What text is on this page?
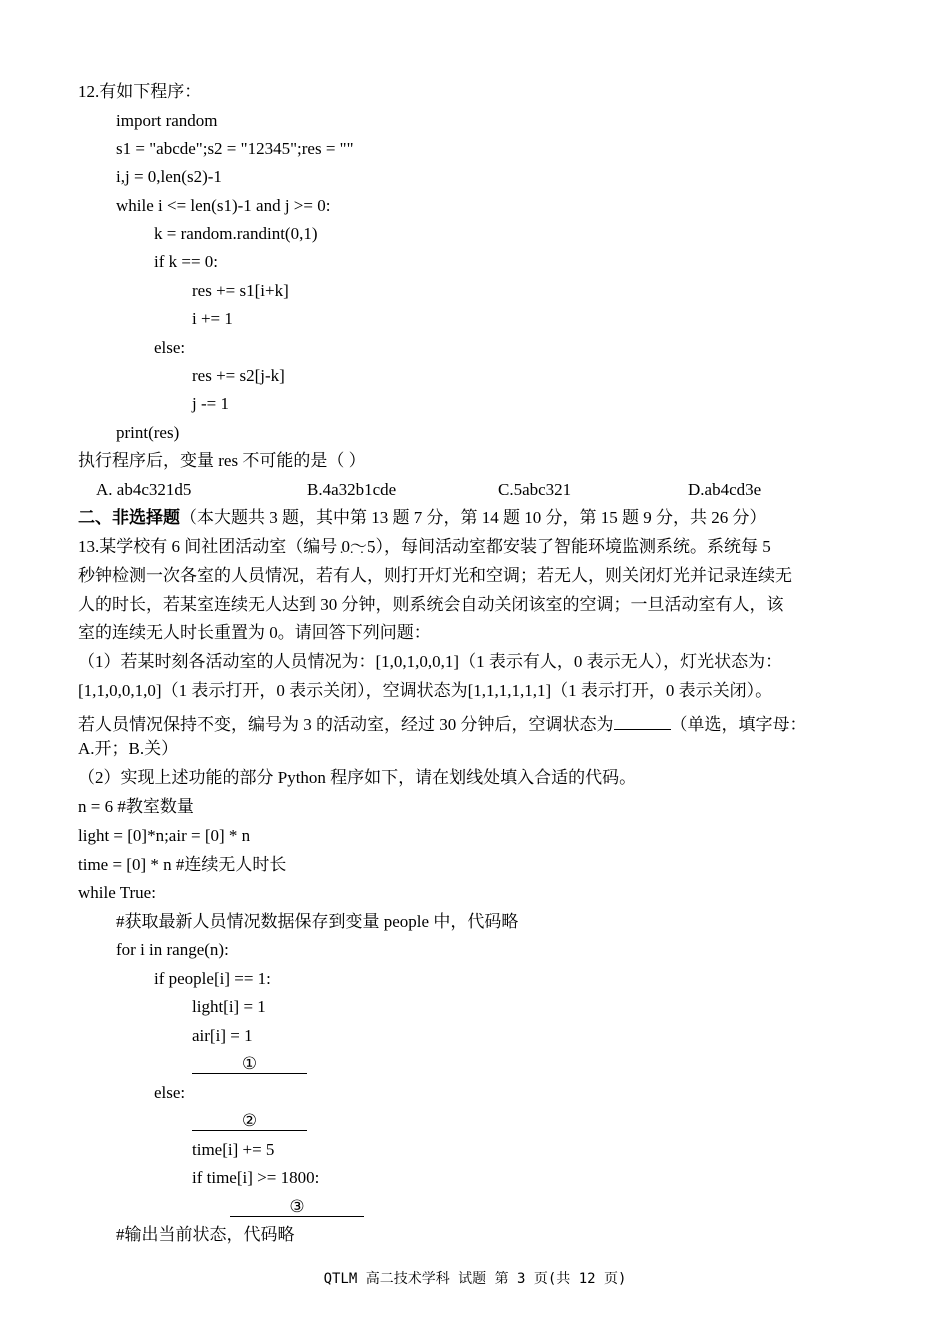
12.有如下程序：
import random
s1 = "abcde";s2 = "12345";res = ""
i,j = 0,len(s2)-1
while i <= len(s1)-1 and j >= 0:
k = random.randint(0,1)
if k == 0:
res += s1[i+k]
i += 1
else:
res += s2[j-k]
j -= 1
print(res)
执行程序后，变量 res 不可能的是（ ）
A. ab4c321d5	B.4a32b1cde	C.5abc321	D.ab4cd3e
二、非选择题（本大题共 3 题，其中第 13 题 7 分，第 14 题 10 分，第 15 题 9 分，共 26 分）
13.某学校有 6 间社团活动室（编号 0～5 · · · ·），每间活动室都安装了智能环境监测系统。系统每 5
秒钟检测一次各室的人员情况，若有人，则打开灯光和空调；若无人，则关闭灯光并记录连续无
人的时长，若某室连续无人达到 30 分钟，则系统会自动关闭该室的空调；一旦活动室有人，该
室的连续无人时长重置为 0。请回答下列问题：
（1）若某时刻各活动室的人员情况为：[1,0,1,0,0,1]（1 表示有人，0 表示无人），灯光状态为：
[1,1,0,0,1,0]（1 表示打开，0 表示关闭），空调状态为[1,1,1,1,1,1]（1 表示打开，0 表示关闭）。
若人员情况保持不变，编号为 3 的活动室，经过 30 分钟后，空调状态为	（单选，填字母：
A.开；B.关）
（2）实现上述功能的部分 Python 程序如下，请在划线处填入合适的代码。
n = 6 #教室数量
light = [0]*n;air = [0] * n
time = [0] * n #连续无人时长
while True:
#获取最新人员情况数据保存到变量 people 中，代码略
for i in range(n):
if people[i] == 1:
light[i] = 1
air[i] = 1
①
else:
②
time[i] += 5
if time[i] >= 1800:
③
#输出当前状态，代码略
QTLM 高二技术学科 试题 第 3 页(共 12 页)
